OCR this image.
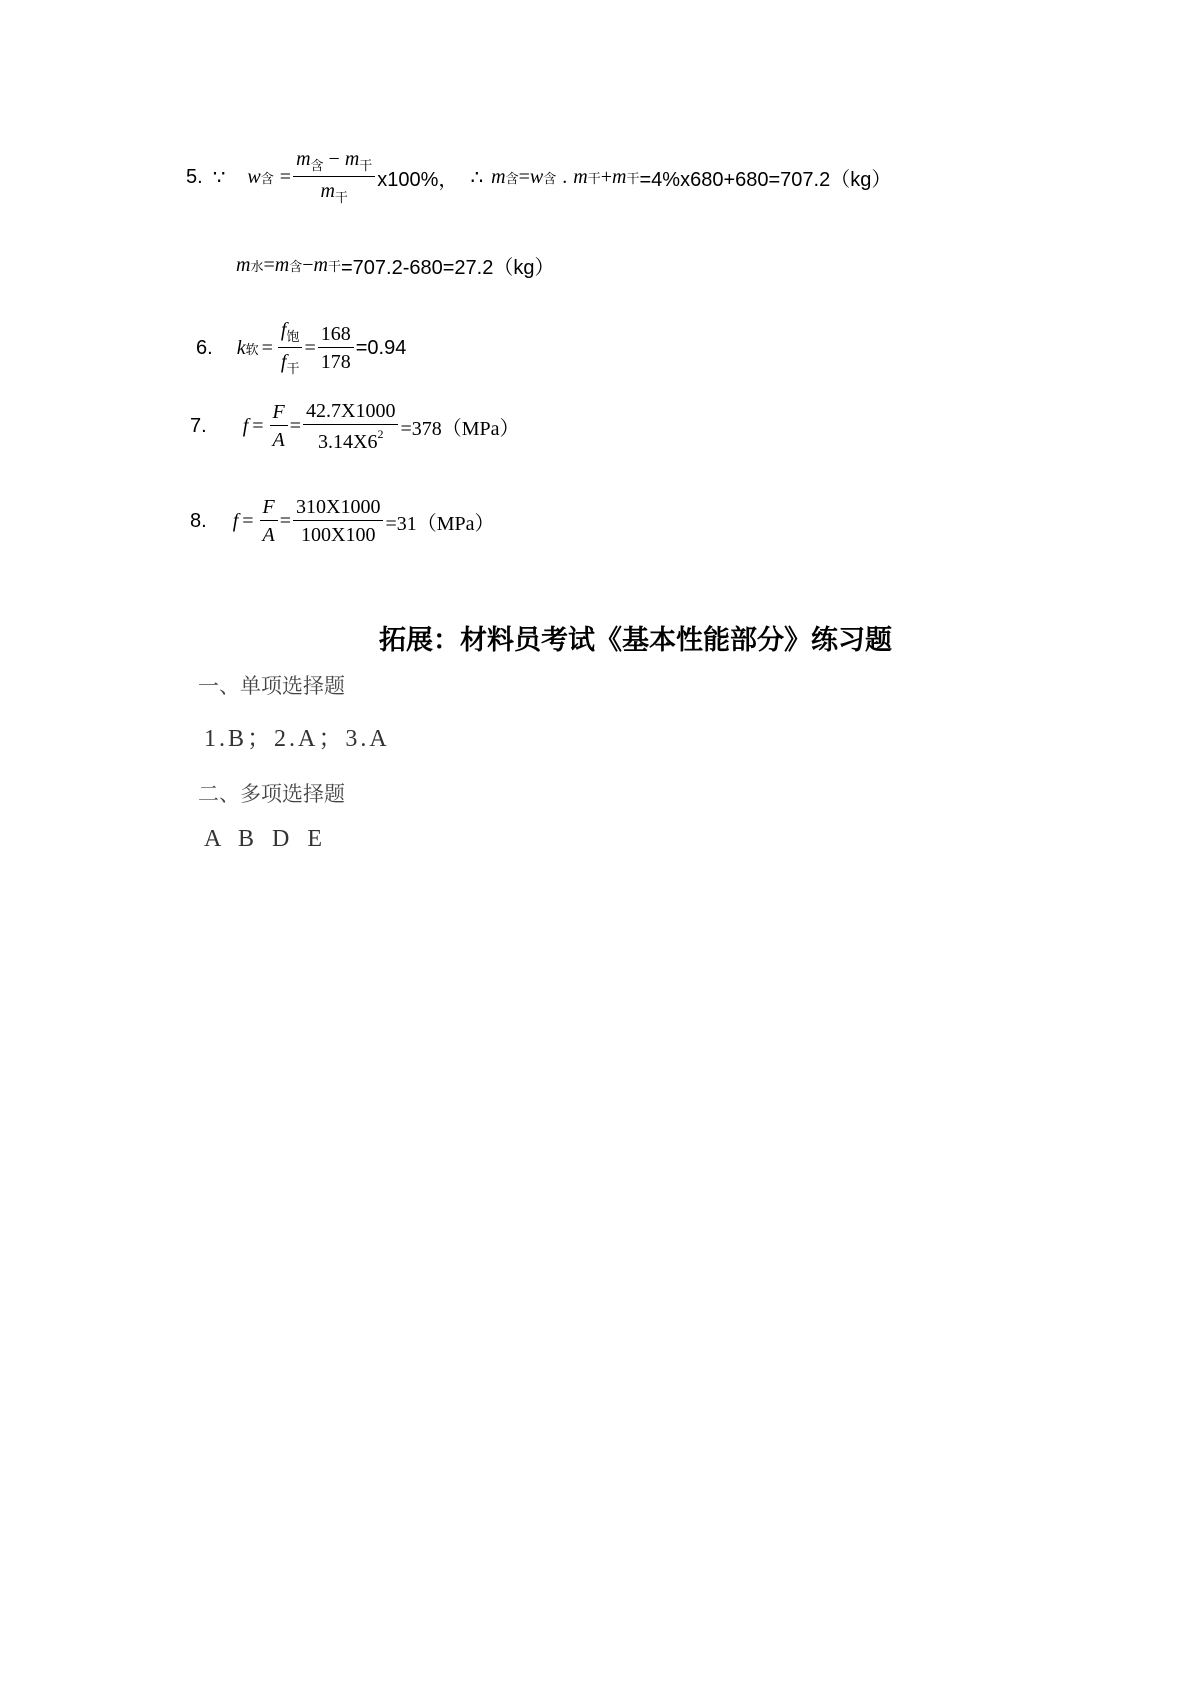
5. ∵ w 含 = $\frac{m_含 - m_干}{m_干} x100\%$， ∴ m 含 = w 含 . m 干 + m 干 =4%x680+680=707.2（kg）
m 水 = m 含 − m 干 =707.2-680=27.2（kg）
6. k 软 = $\frac{f_饱}{f_干} = \frac{168}{178} =0.94$
7. $f = \frac{F}{A} = \frac{42.7X1000}{3.14X6^2} =378(MPa)$
8. $f = \frac{F}{A} = \frac{310X1000}{100X100} =31(MPa)$
拓展：材料员考试《基本性能部分》练习题
一、单项选择题
1.B；2.A；3.A
二、多项选择题
A B D E
